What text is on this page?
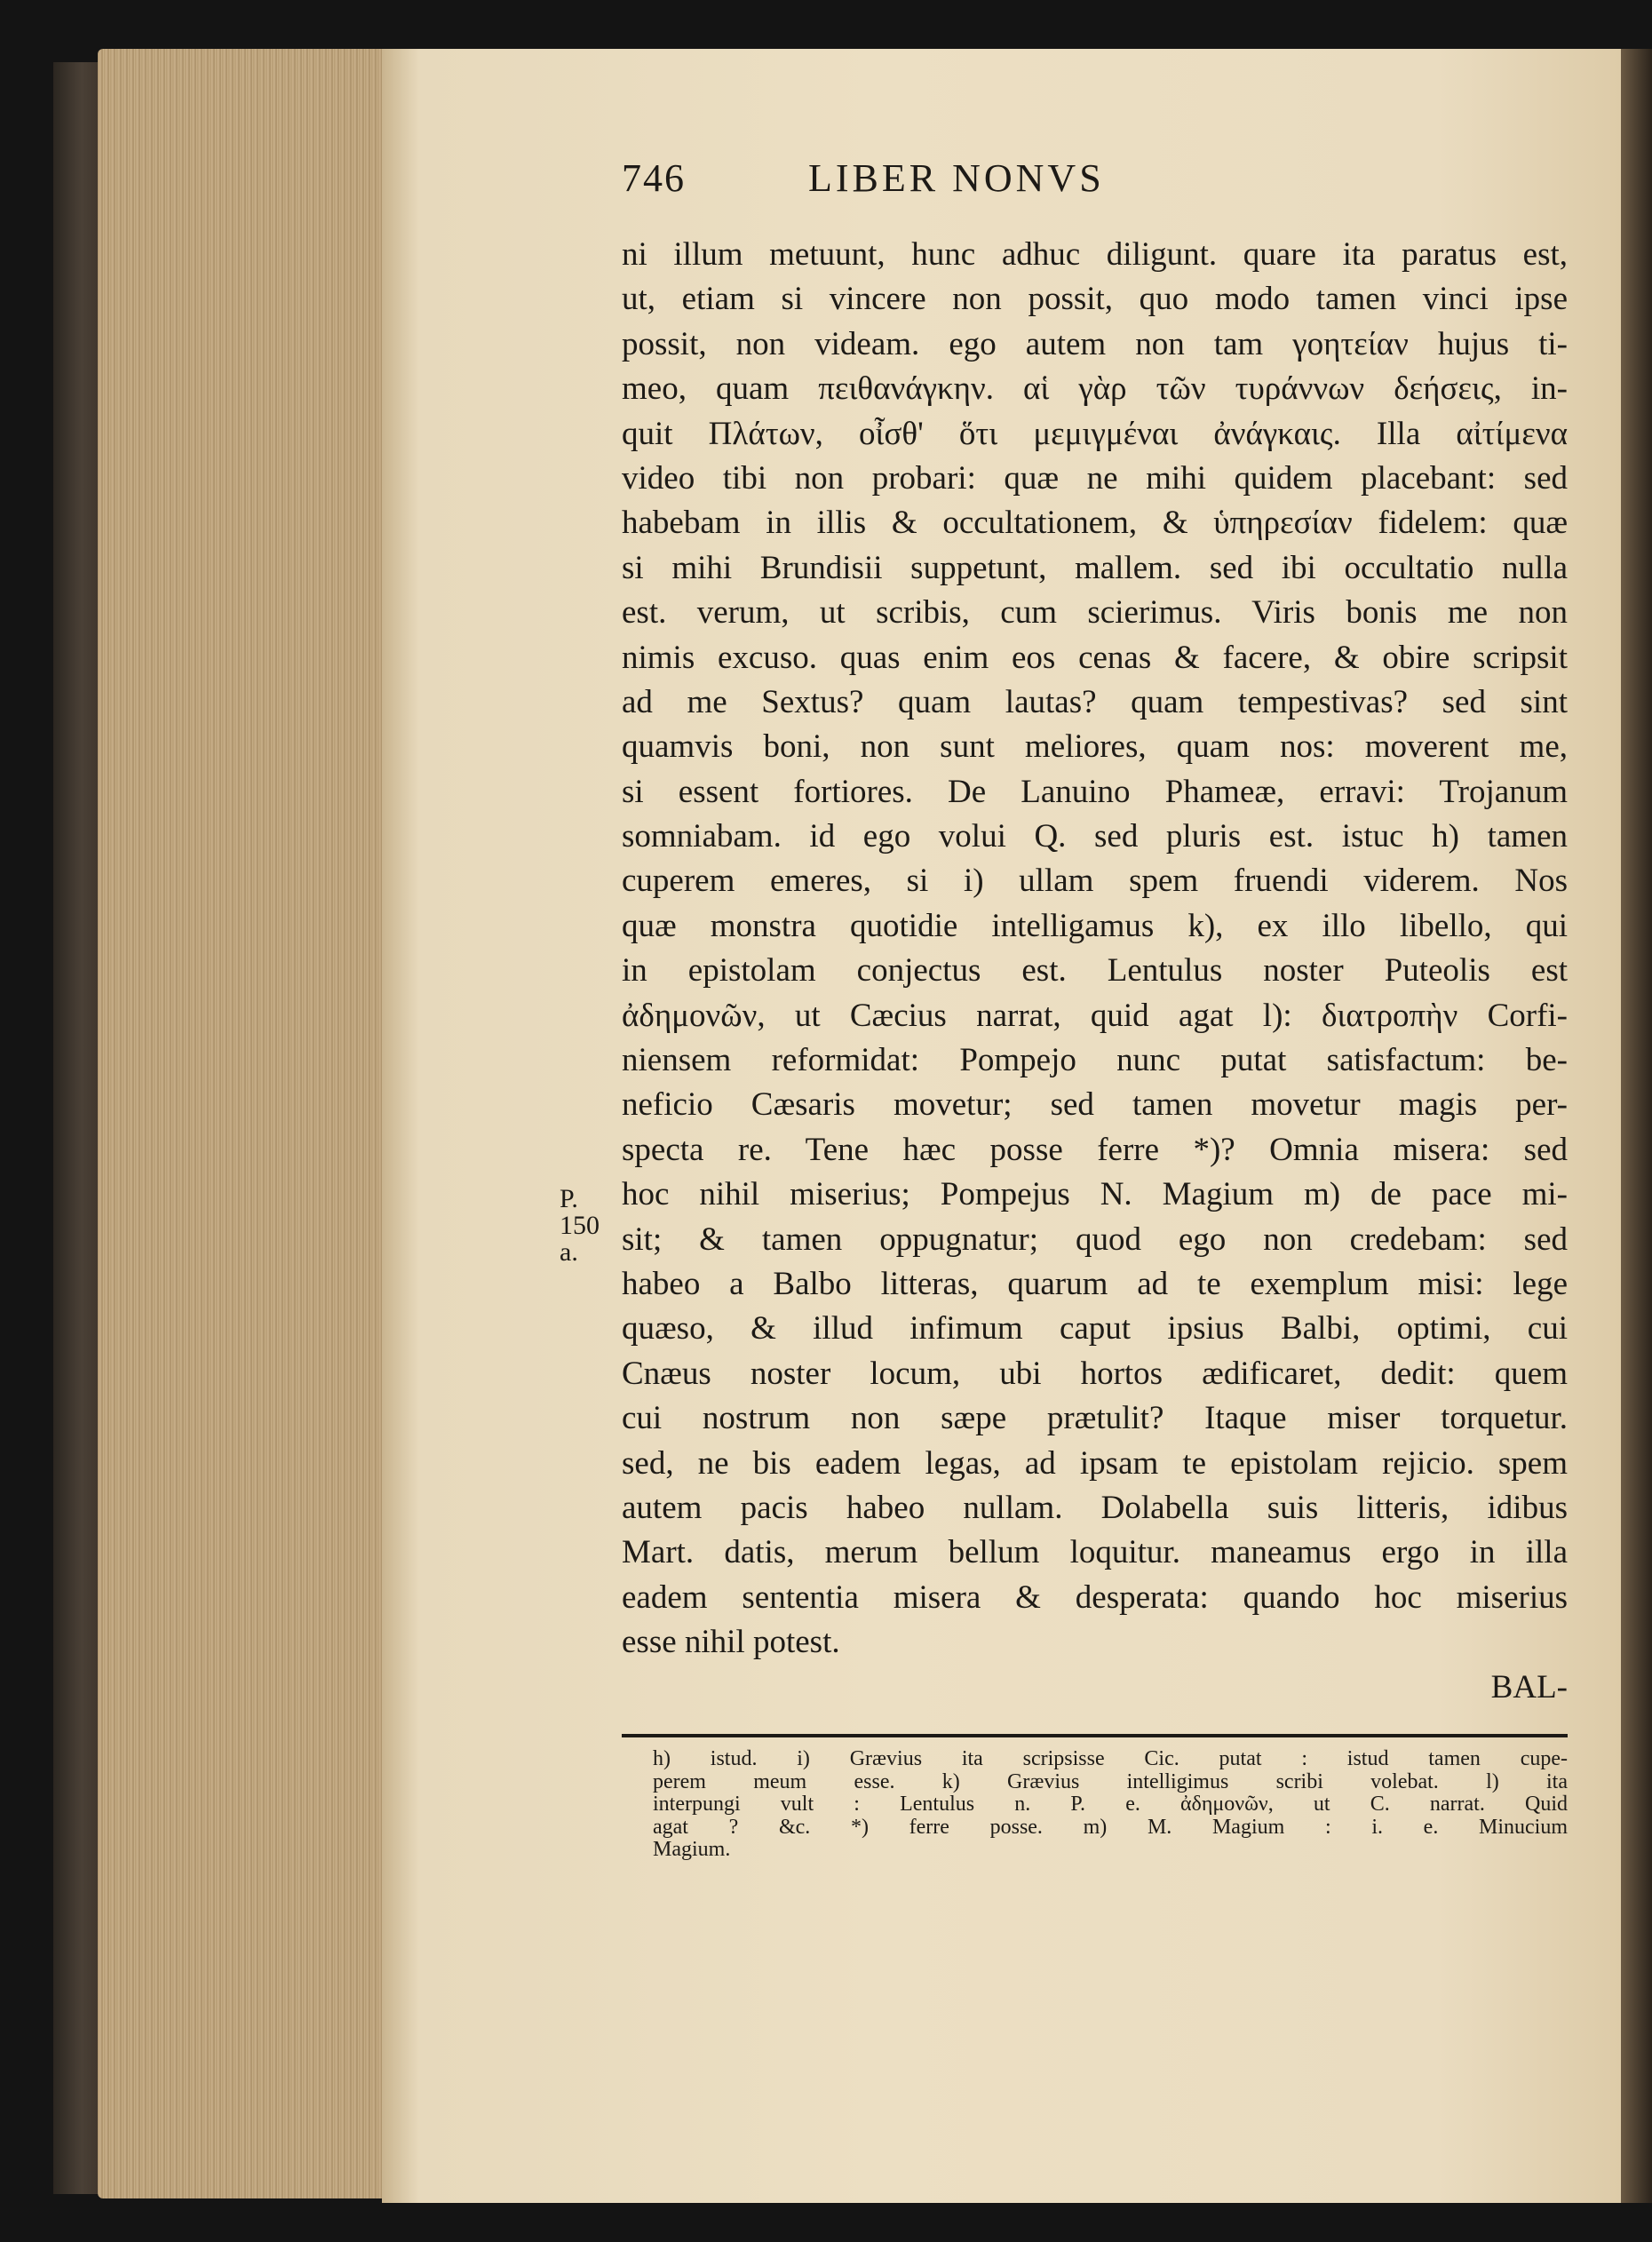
746	LIBER NONVS
ni illum metuunt, hunc adhuc diligunt. quare ita paratus est,
ut, etiam si vincere non possit, quo modo tamen vinci ipse
possit, non videam. ego autem non tam γοητείαν hujus ti-
meo, quam πειθανάγκην. αἱ γὰρ τῶν τυράννων δεήσεις, in-
quit Πλάτων, οἶσθ' ὅτι μεμιγμέναι ἀνάγκαις. Illa αἰτίμενα
video tibi non probari: quæ ne mihi quidem placebant: sed
habebam in illis & occultationem, & ὑπηρεσίαν fidelem: quæ
si mihi Brundisii suppetunt, mallem. sed ibi occultatio nulla
est. verum, ut scribis, cum scierimus. Viris bonis me non
nimis excuso. quas enim eos cenas & facere, & obire scripsit
ad me Sextus? quam lautas? quam tempestivas? sed sint
quamvis boni, non sunt meliores, quam nos: moverent me,
si essent fortiores. De Lanuino Phameæ, erravi: Trojanum
somniabam. id ego volui Q. sed pluris est. istuc h) tamen
cuperem emeres, si i) ullam spem fruendi viderem. Nos
quæ monstra quotidie intelligamus k), ex illo libello, qui
in epistolam conjectus est. Lentulus noster Puteolis est
ἀδημονῶν, ut Cæcius narrat, quid agat l): διατροπὴν Corfi-
niensem reformidat: Pompejo nunc putat satisfactum: be-
neficio Cæsaris movetur; sed tamen movetur magis per-
specta re. Tene hæc posse ferre *)? Omnia misera: sed
hoc nihil miserius; Pompejus N. Magium m) de pace mi-
sit; & tamen oppugnatur; quod ego non credebam: sed
habeo a Balbo litteras, quarum ad te exemplum misi: lege
quæso, & illud infimum caput ipsius Balbi, optimi, cui
Cnæus noster locum, ubi hortos ædificaret, dedit: quem
cui nostrum non sæpe prætulit? Itaque miser torquetur.
sed, ne bis eadem legas, ad ipsam te epistolam rejicio. spem
autem pacis habeo nullam. Dolabella suis litteris, idibus
Mart. datis, merum bellum loquitur. maneamus ergo in illa
eadem sententia misera & desperata: quando hoc miserius
esse nihil potest.
BAL-
P.
150
a.
h) istud. i) Grævius ita scripsisse Cic. putat : istud tamen cupe-
perem meum esse. k) Grævius intelligimus scribi volebat. l) ita
interpungi vult : Lentulus n. P. e. ἀδημονῶν, ut C. narrat. Quid
agat ? &c. *) ferre posse. m) M. Magium : i. e. Minucium
Magium.
